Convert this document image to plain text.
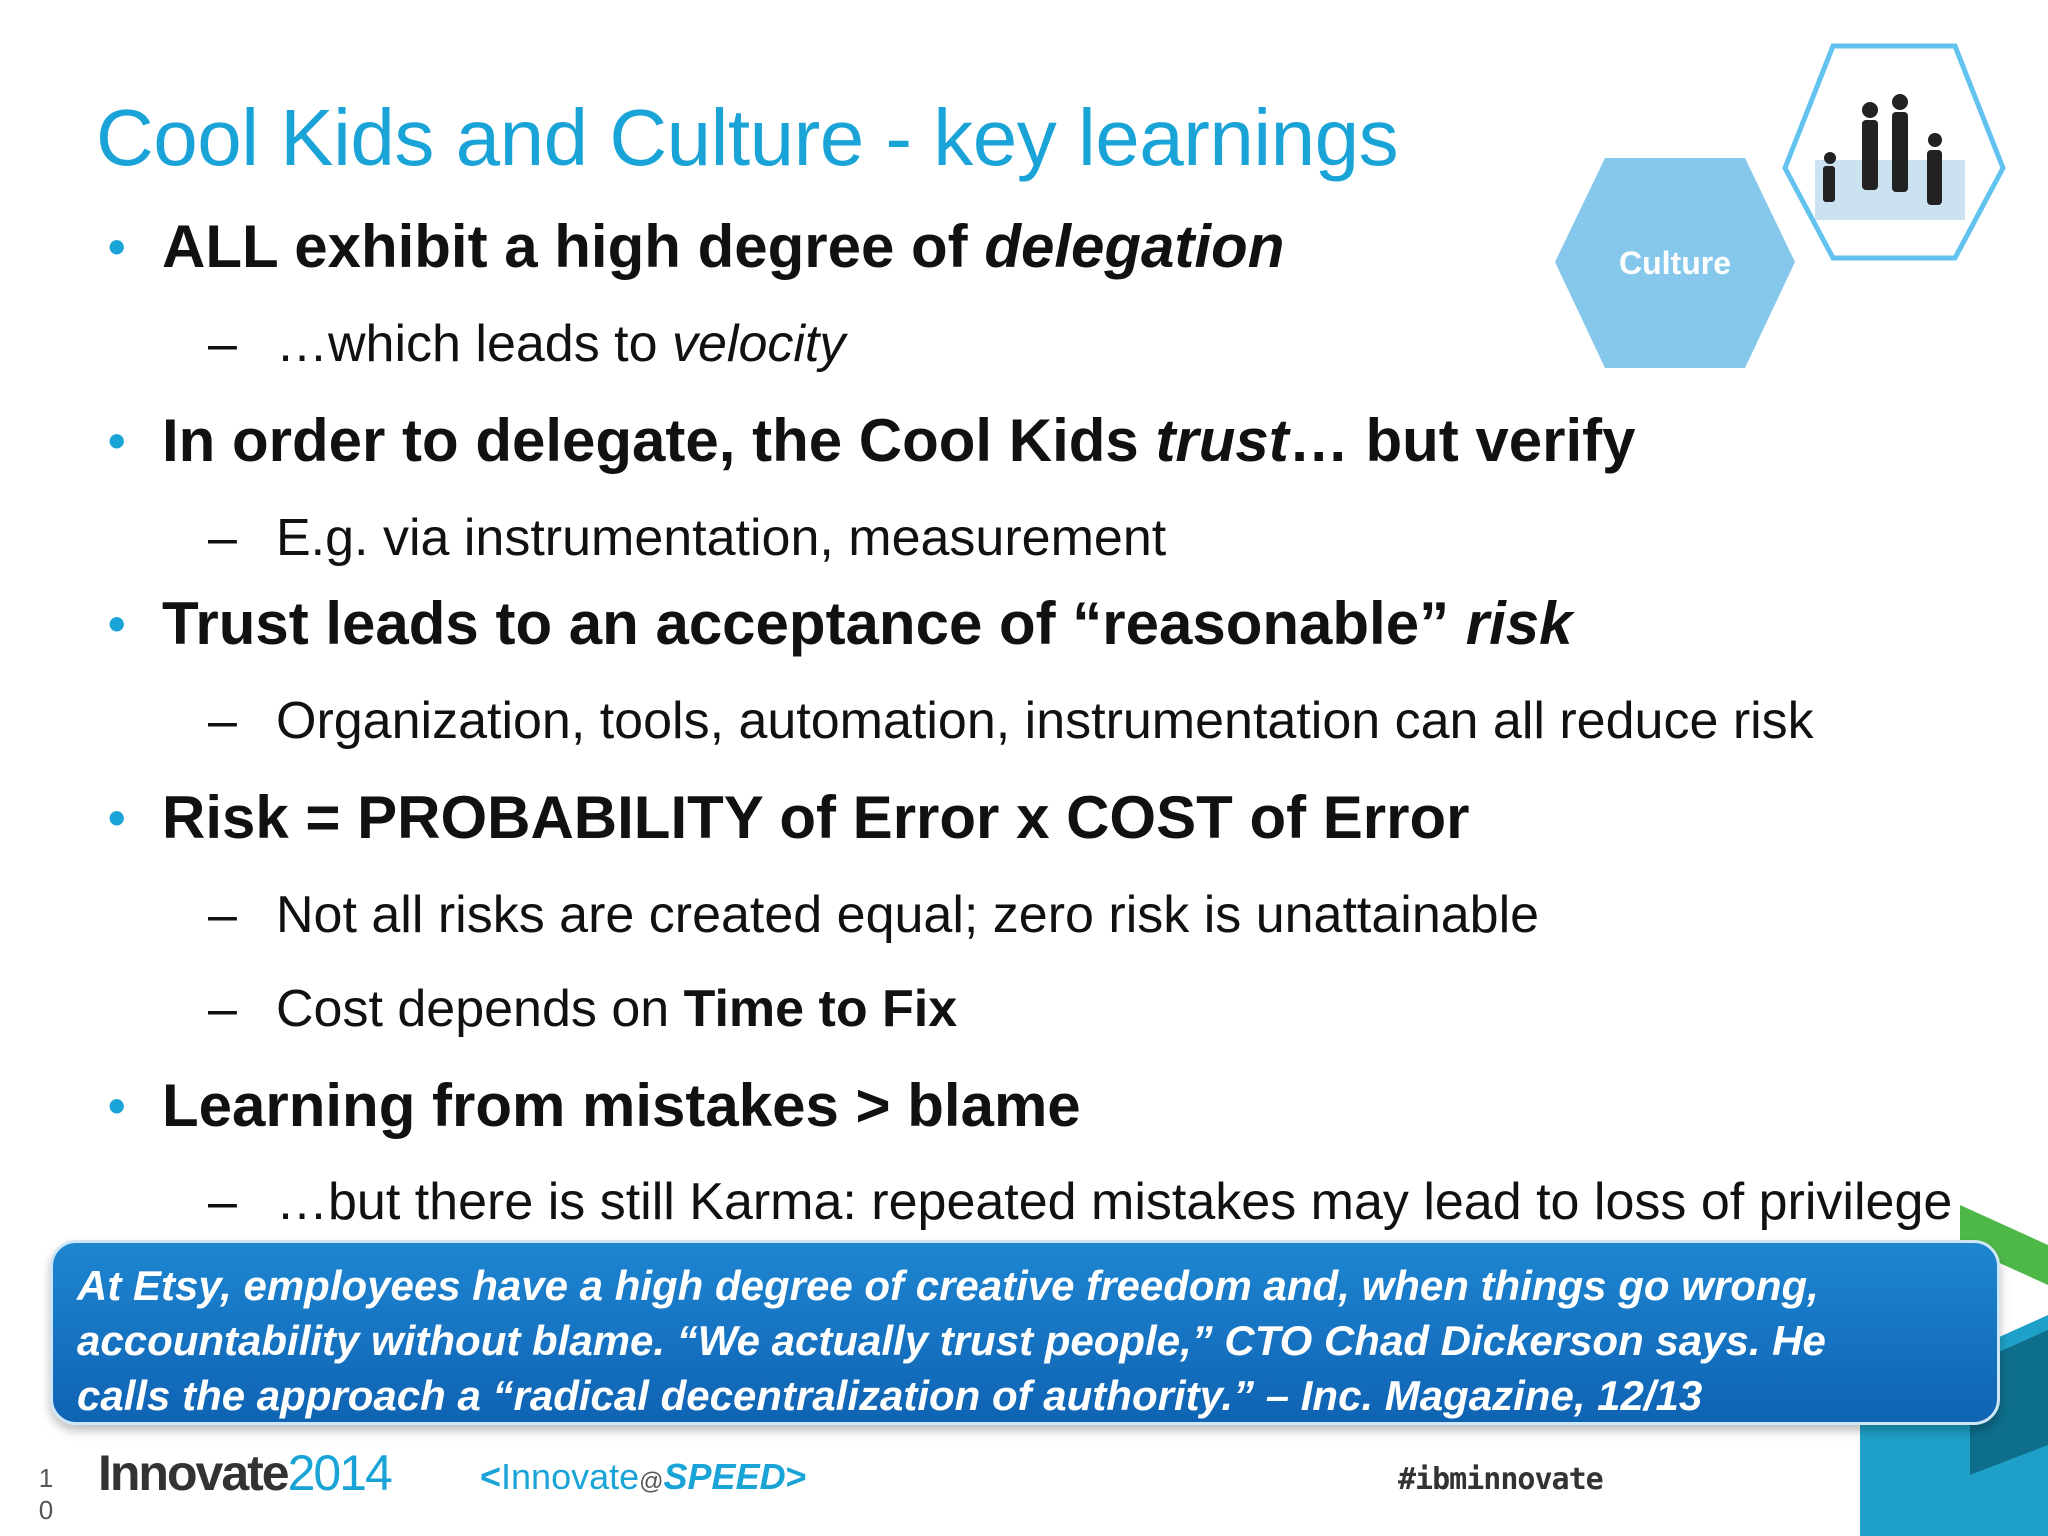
Culture
Cool Kids and Culture - key learnings
• ALL exhibit a high degree of delegation
– …which leads to velocity
• In order to delegate, the Cool Kids trust… but verify
– E.g. via instrumentation, measurement
• Trust leads to an acceptance of “reasonable” risk
– Organization, tools, automation, instrumentation can all reduce risk
• Risk = PROBABILITY of Error x COST of Error
– Not all risks are created equal; zero risk is unattainable
– Cost depends on Time to Fix
• Learning from mistakes > blame
– …but there is still Karma: repeated mistakes may lead to loss of privilege
At Etsy, employees have a high degree of creative freedom and, when things go wrong,
accountability without blame. “We actually trust people,” CTO Chad Dickerson says. He
calls the approach a “radical decentralization of authority.” – Inc. Magazine, 12/13
1
0
Innovate2014 <Innovate@SPEED>	#ibminnovate
